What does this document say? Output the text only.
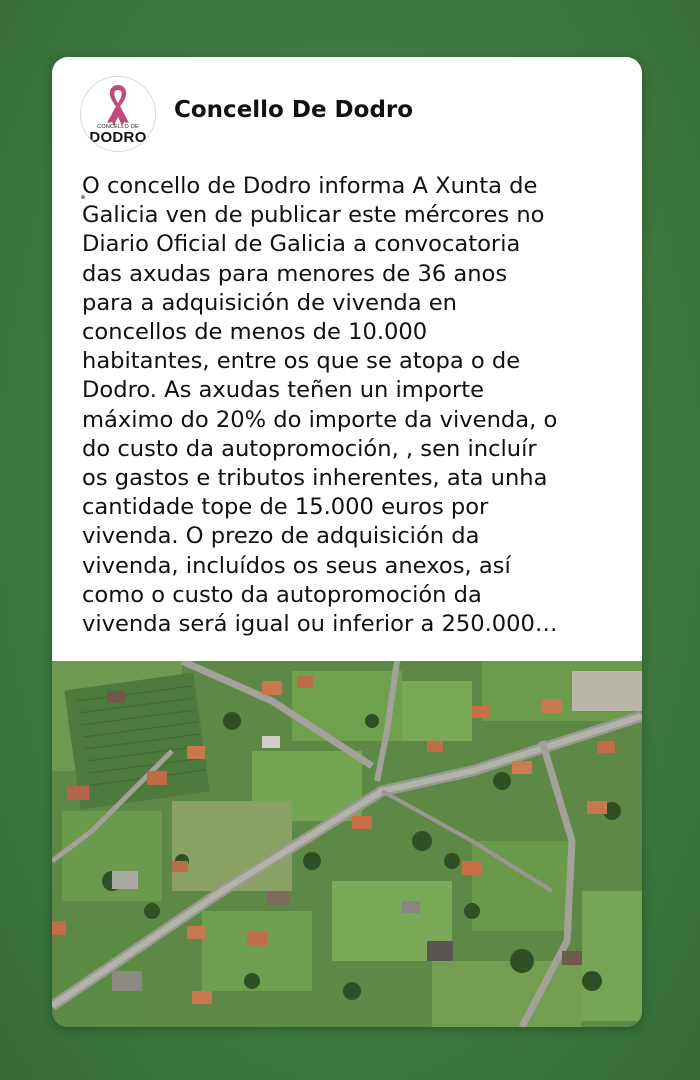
CONCELLO DE
DODRO
Concello De Dodro
O concello de Dodro informa A Xunta de
Galicia ven de publicar este mércores no
Diario Oficial de Galicia a convocatoria
das axudas para menores de 36 anos
para a adquisición de vivenda en
concellos de menos de 10.000
habitantes, entre os que se atopa o de
Dodro. As axudas teñen un importe
máximo do 20% do importe da vivenda, o
do custo da autopromoción, , sen incluír
os gastos e tributos inherentes, ata unha
cantidade tope de 15.000 euros por
vivenda. O prezo de adquisición da
vivenda, incluídos os seus anexos, así
como o custo da autopromoción da
vivenda será igual ou inferior a 250.000…
